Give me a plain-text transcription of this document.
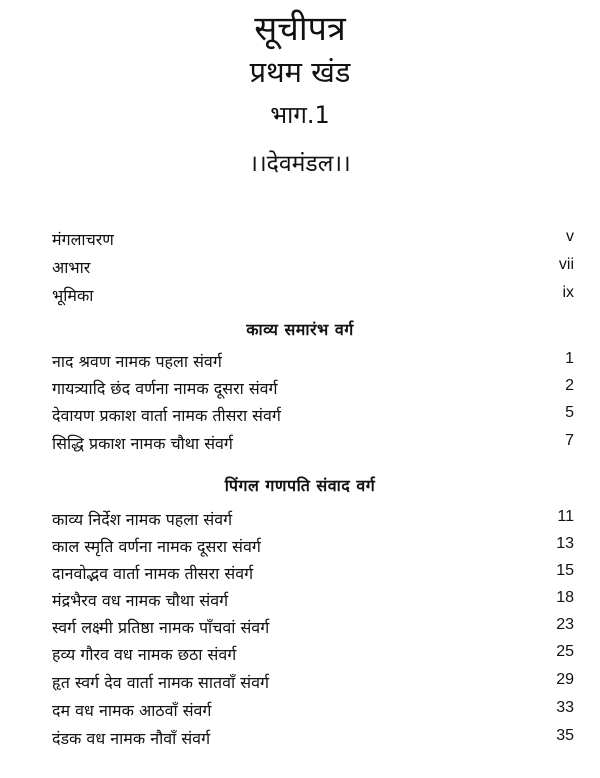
सूचीपत्र
प्रथम खंड
भाग.1
।।देवमंडल।।
मंगलाचरण	v
आभार	vii
भूमिका	ix
काव्य समारंभ वर्ग
नाद श्रवण नामक पहला संवर्ग	1
गायत्र्यादि छंद वर्णना नामक दूसरा संवर्ग	2
देवायण प्रकाश वार्ता नामक तीसरा संवर्ग	5
सिद्धि प्रकाश नामक चौथा संवर्ग	7
पिंगल गणपति संवाद वर्ग
काव्य निर्देश नामक पहला संवर्ग	11
काल स्मृति वर्णना नामक दूसरा संवर्ग	13
दानवोद्भव वार्ता नामक तीसरा संवर्ग	15
मंद्रभैरव वध नामक चौथा संवर्ग	18
स्वर्ग लक्ष्मी प्रतिष्ठा नामक पाँचवां संवर्ग	23
हव्य गौरव वध नामक छठा संवर्ग	25
हृत स्वर्ग देव वार्ता नामक सातवाँ संवर्ग	29
दम वध नामक आठवाँ संवर्ग	33
दंडक वध नामक नौवाँ संवर्ग	35
